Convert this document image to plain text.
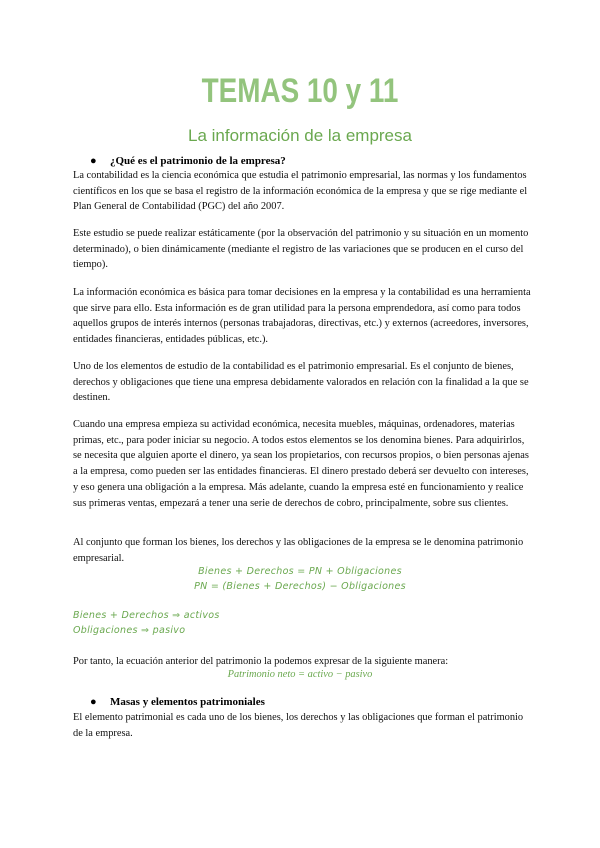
TEMAS 10 y 11
La información de la empresa
● ¿Qué es el patrimonio de la empresa?
La contabilidad es la ciencia económica que estudia el patrimonio empresarial, las normas y los fundamentos científicos en los que se basa el registro de la información económica de la empresa y que se rige mediante el Plan General de Contabilidad (PGC) del año 2007.
Este estudio se puede realizar estáticamente (por la observación del patrimonio y su situación en un momento determinado), o bien dinámicamente (mediante el registro de las variaciones que se producen en el curso del tiempo).
La información económica es básica para tomar decisiones en la empresa y la contabilidad es una herramienta que sirve para ello. Esta información es de gran utilidad para la persona emprendedora, así como para todos aquellos grupos de interés internos (personas trabajadoras, directivas, etc.) y externos (acreedores, inversores, entidades financieras, entidades públicas, etc.).
Uno de los elementos de estudio de la contabilidad es el patrimonio empresarial. Es el conjunto de bienes, derechos y obligaciones que tiene una empresa debidamente valorados en relación con la finalidad a la que se destinen.
Cuando una empresa empieza su actividad económica, necesita muebles, máquinas, ordenadores, materias primas, etc., para poder iniciar su negocio. A todos estos elementos se los denomina bienes. Para adquirirlos, se necesita que alguien aporte el dinero, ya sean los propietarios, con recursos propios, o bien personas ajenas a la empresa, como pueden ser las entidades financieras. El dinero prestado deberá ser devuelto con intereses, y eso genera una obligación a la empresa. Más adelante, cuando la empresa esté en funcionamiento y realice sus primeras ventas, empezará a tener una serie de derechos de cobro, principalmente, sobre sus clientes.
Al conjunto que forman los bienes, los derechos y las obligaciones de la empresa se le denomina patrimonio empresarial.
Bienes + Derechos = PN + Obligaciones
PN = (Bienes + Derechos) − Obligaciones
Bienes + Derechos ⇒ activos
Obligaciones ⇒ pasivo
Por tanto, la ecuación anterior del patrimonio la podemos expresar de la siguiente manera:
Patrimonio neto = activo − pasivo
● Masas y elementos patrimoniales
El elemento patrimonial es cada uno de los bienes, los derechos y las obligaciones que forman el patrimonio de la empresa.
